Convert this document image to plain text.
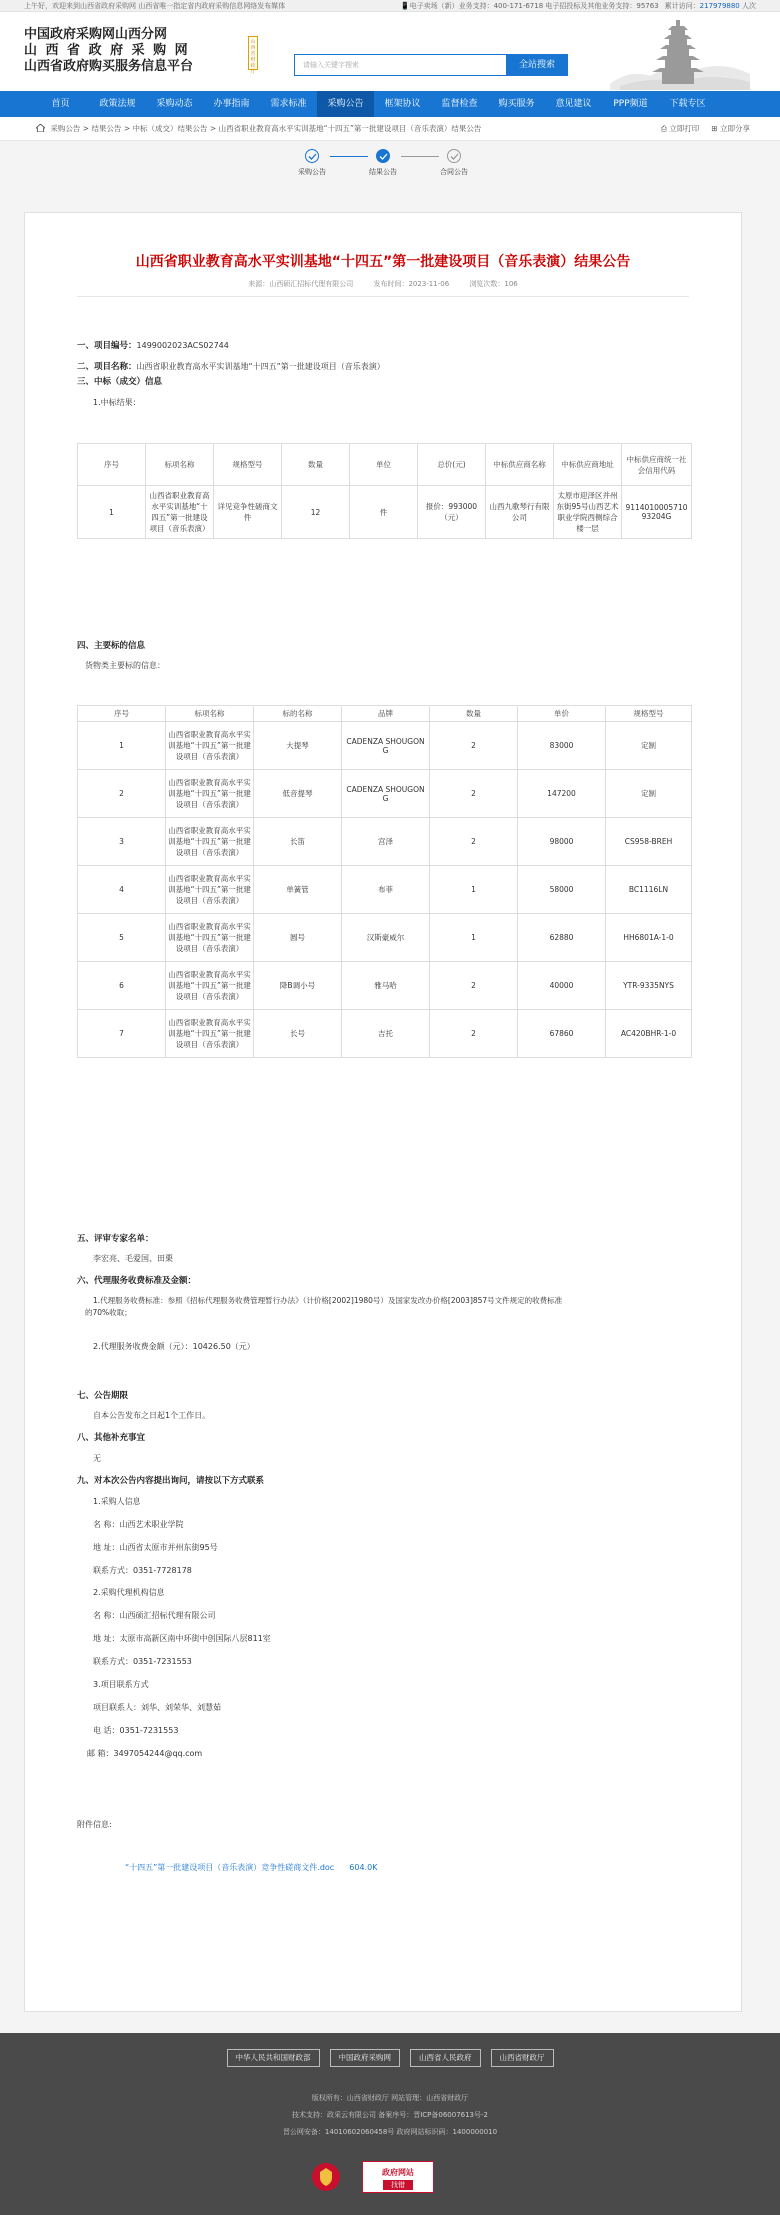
上午好，欢迎来到山西省政府采购网 山西省唯一指定省内政府采购信息网络发布媒体	📱电子卖场（新）业务支持：400-171-6718 电子招投标及其他业务支持：95763 累计访问：217979880 人次
中国政府采购网山西分网
山 西 省 政 府 采 购 网
山西省政府购买服务信息平台
山西省财政厅
请输入关键字搜索	全站搜索
首页	政策法规	采购动态	办事指南	需求标准	采购公告	框架协议	监督检查	购买服务	意见建议	PPP频道	下载专区
采购公告 > 结果公告 > 中标（成交）结果公告 > 山西省职业教育高水平实训基地“十四五”第一批建设项目（音乐表演）结果公告	⎙ 立即打印 ⊞ 立即分享
采购公告	结果公告	合同公告
山西省职业教育高水平实训基地“十四五”第一批建设项目（音乐表演）结果公告
来源：山西硕汇招标代理有限公司	发布时间：2023-11-06	浏览次数：106
一、项目编号：1499002023ACS02744
二、项目名称：山西省职业教育高水平实训基地“十四五”第一批建设项目（音乐表演）
三、中标（成交）信息
1.中标结果：
序号	标项名称	规格型号	数量	单位	总价(元)	中标供应商名称	中标供应商地址	中标供应商统一社会信用代码
1	山西省职业教育高水平实训基地“十四五”第一批建设项目（音乐表演）	详见竞争性磋商文件	12	件	报价：993000（元）	山西九歌琴行有限公司	太原市迎泽区并州东街95号山西艺术职业学院西侧综合楼一层	911401000571093204G
四、主要标的信息
货物类主要标的信息：
序号	标项名称	标的名称	品牌	数量	单价	规格型号
1	山西省职业教育高水平实训基地“十四五”第一批建设项目（音乐表演）	大提琴	CADENZA SHOUGONG	2	83000	定制
2	山西省职业教育高水平实训基地“十四五”第一批建设项目（音乐表演）	低音提琴	CADENZA SHOUGONG	2	147200	定制
3	山西省职业教育高水平实训基地“十四五”第一批建设项目（音乐表演）	长笛	宫泽	2	98000	CS958-BREH
4	山西省职业教育高水平实训基地“十四五”第一批建设项目（音乐表演）	单簧管	布菲	1	58000	BC1116LN
5	山西省职业教育高水平实训基地“十四五”第一批建设项目（音乐表演）	圆号	汉斯豪威尔	1	62880	HH6801A-1-0
6	山西省职业教育高水平实训基地“十四五”第一批建设项目（音乐表演）	降B调小号	雅马哈	2	40000	YTR-9335NYS
7	山西省职业教育高水平实训基地“十四五”第一批建设项目（音乐表演）	长号	吉托	2	67860	AC420BHR-1-0
五、评审专家名单：
李宏亮、毛爱国、田栗
六、代理服务收费标准及金额：
1.代理服务收费标准：参照《招标代理服务收费管理暂行办法》（计价格[2002]1980号）及国家发改办价格[2003]857号文件规定的收费标准
的70%收取；
2.代理服务收费金额（元）：10426.50（元）
七、公告期限
自本公告发布之日起1个工作日。
八、其他补充事宜
无
九、对本次公告内容提出询问，请按以下方式联系
1.采购人信息
名 称：山西艺术职业学院
地 址：山西省太原市并州东街95号
联系方式：0351-7728178
2.采购代理机构信息
名 称：山西硕汇招标代理有限公司
地 址：太原市高新区南中环街中创国际八层811室
联系方式：0351-7231553
3.项目联系方式
项目联系人：刘华、刘荣华、刘慧茹
电 话：0351-7231553
邮 箱：3497054244@qq.com
附件信息:
“十四五”第一批建设项目（音乐表演）竞争性磋商文件.doc 604.0K
中华人民共和国财政部	中国政府采购网	山西省人民政府	山西省财政厅
版权所有：山西省财政厅 网站管理：山西省财政厅
技术支持：政采云有限公司 备案序号：晋ICP备06007613号-2
晋公网安备：14010602060458号 政府网站标识码：1400000010
政府网站
找错
